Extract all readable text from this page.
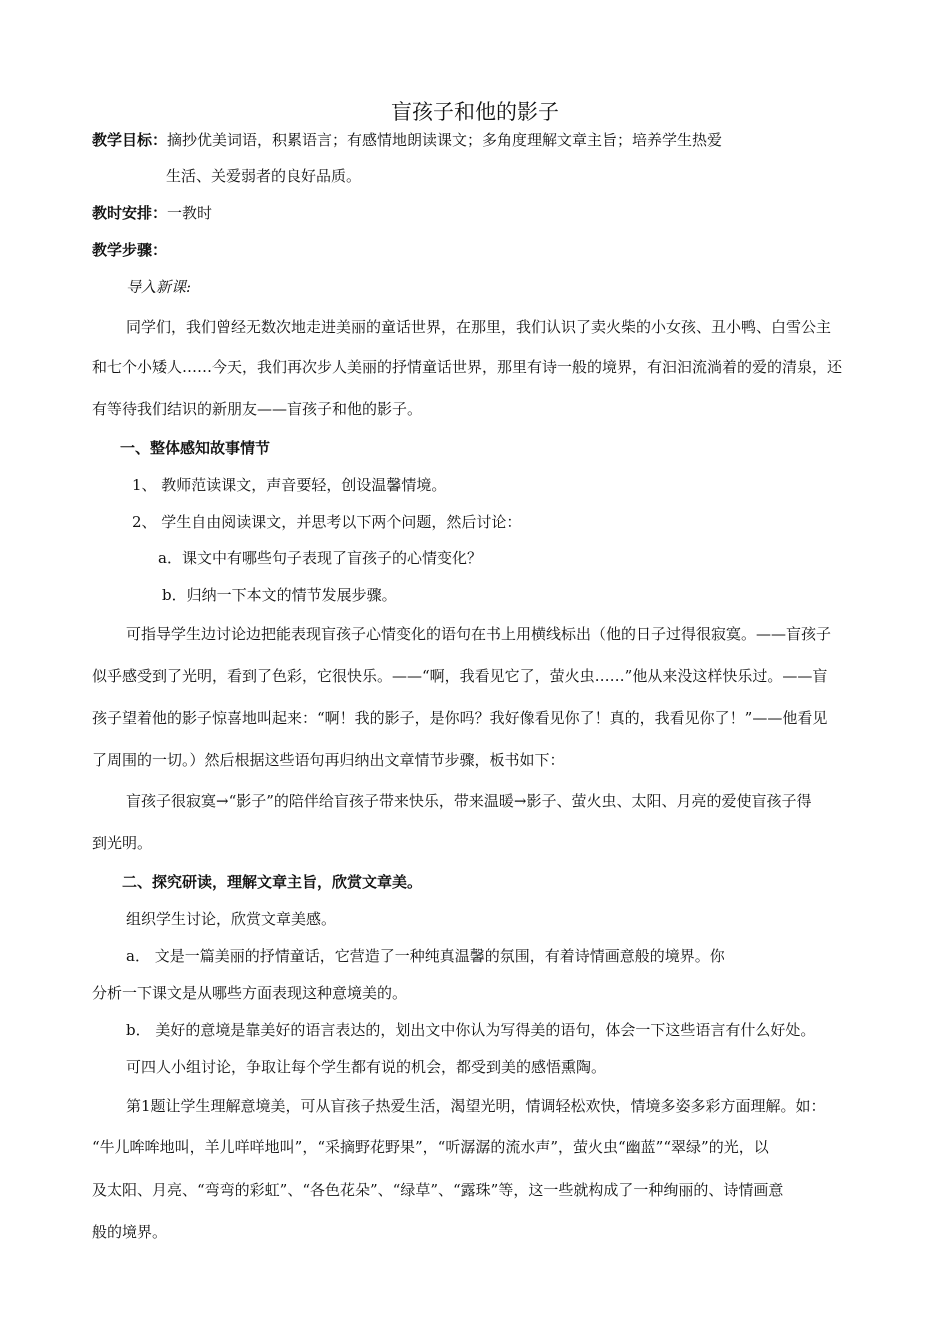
盲孩子和他的影子
教学目标：摘抄优美词语，积累语言；有感情地朗读课文；多角度理解文章主旨；培养学生热爱
生活、关爱弱者的良好品质。
教时安排：一教时
教学步骤：
导入新课:
同学们，我们曾经无数次地走进美丽的童话世界，在那里，我们认识了卖火柴的小女孩、丑小鸭、白雪公主
和七个小矮人……今天，我们再次步人美丽的抒情童话世界，那里有诗一般的境界，有汩汩流淌着的爱的清泉，还
有等待我们结识的新朋友——盲孩子和他的影子。
一、整体感知故事情节
1、 教师范读课文，声音要轻，创设温馨情境。
2、 学生自由阅读课文，并思考以下两个问题，然后讨论：
a．课文中有哪些句子表现了盲孩子的心情变化？
b．归纳一下本文的情节发展步骤。
可指导学生边讨论边把能表现盲孩子心情变化的语句在书上用横线标出（他的日子过得很寂寞。——盲孩子
似乎感受到了光明，看到了色彩，它很快乐。——“啊，我看见它了，萤火虫……”他从来没这样快乐过。——盲
孩子望着他的影子惊喜地叫起来：“啊！我的影子，是你吗？我好像看见你了！真的，我看见你了！”——他看见
了周围的一切。）然后根据这些语句再归纳出文章情节步骤，板书如下：
盲孩子很寂寞→“影子”的陪伴给盲孩子带来快乐，带来温暖→影子、萤火虫、太阳、月亮的爱使盲孩子得
到光明。
二、探究研读，理解文章主旨，欣赏文章美。
组织学生讨论，欣赏文章美感。
a． 文是一篇美丽的抒情童话，它营造了一种纯真温馨的氛围，有着诗情画意般的境界。你
分析一下课文是从哪些方面表现这种意境美的。
b． 美好的意境是靠美好的语言表达的，划出文中你认为写得美的语句，体会一下这些语言有什么好处。
可四人小组讨论，争取让每个学生都有说的机会，都受到美的感悟熏陶。
第1题让学生理解意境美，可从盲孩子热爱生活，渴望光明，情调轻松欢快，情境多姿多彩方面理解。如：
“牛儿哞哞地叫，羊儿咩咩地叫”，“采摘野花野果”，“听潺潺的流水声”，萤火虫“幽蓝”“翠绿”的光，以
及太阳、月亮、“弯弯的彩虹”、“各色花朵”、“绿草”、“露珠”等，这一些就构成了一种绚丽的、诗情画意
般的境界。
